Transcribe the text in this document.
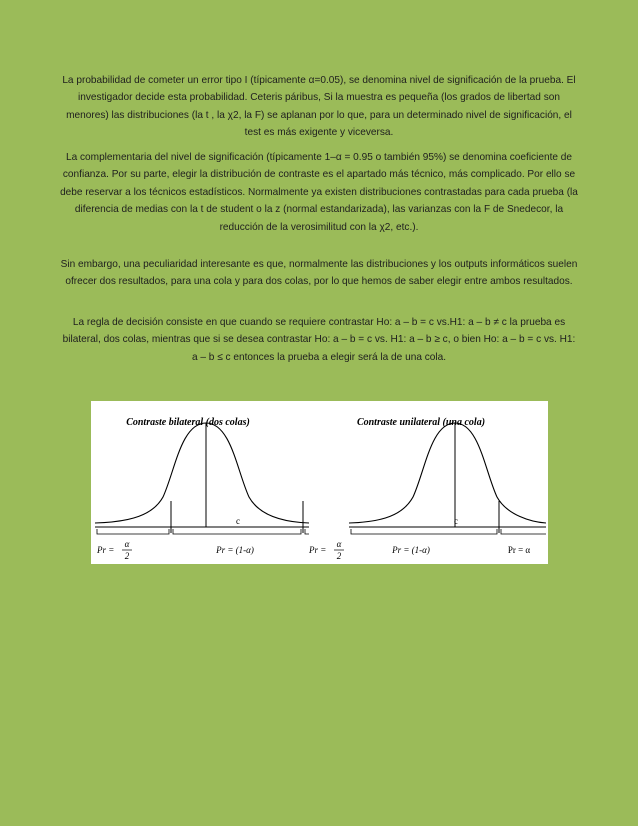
La probabilidad de cometer un error tipo I (típicamente α=0.05), se denomina nivel de significación de la prueba. El investigador decide esta probabilidad. Ceteris páribus, Si la muestra es pequeña (los grados de libertad son menores) las distribuciones (la t , la χ2, la F) se aplanan por lo que, para un determinado nivel de significación, el test es más exigente y viceversa.
La complementaria del nivel de significación (típicamente 1–α = 0.95 o también 95%) se denomina coeficiente de confianza. Por su parte, elegir la distribución de contraste es el apartado más técnico, más complicado. Por ello se debe reservar a los técnicos estadísticos. Normalmente ya existen distribuciones contrastadas para cada prueba (la diferencia de medias con la t de student o la z (normal estandarizada), las varianzas con la F de Snedecor, la reducción de la verosimilitud con la χ2, etc.).
Sin embargo, una peculiaridad interesante es que, normalmente las distribuciones y los outputs informáticos suelen ofrecer dos resultados, para una cola y para dos colas, por lo que hemos de saber elegir entre ambos resultados.
La regla de decisión consiste en que cuando se requiere contrastar Ho: a – b = c vs.H1: a – b ≠ c la prueba es bilateral, dos colas, mientras que si se desea contrastar Ho: a – b = c vs. H1: a – b ≥ c, o bien Ho: a – b = c vs. H1: a – b ≤ c entonces la prueba a elegir será la de una cola.
Contraste bilateral (dos colas)
c
Pr =
α
2
Pr = (1-α)	Pr =
α
2
Contraste unilateral (una cola)
c
Pr = (1-α)	Pr = α
